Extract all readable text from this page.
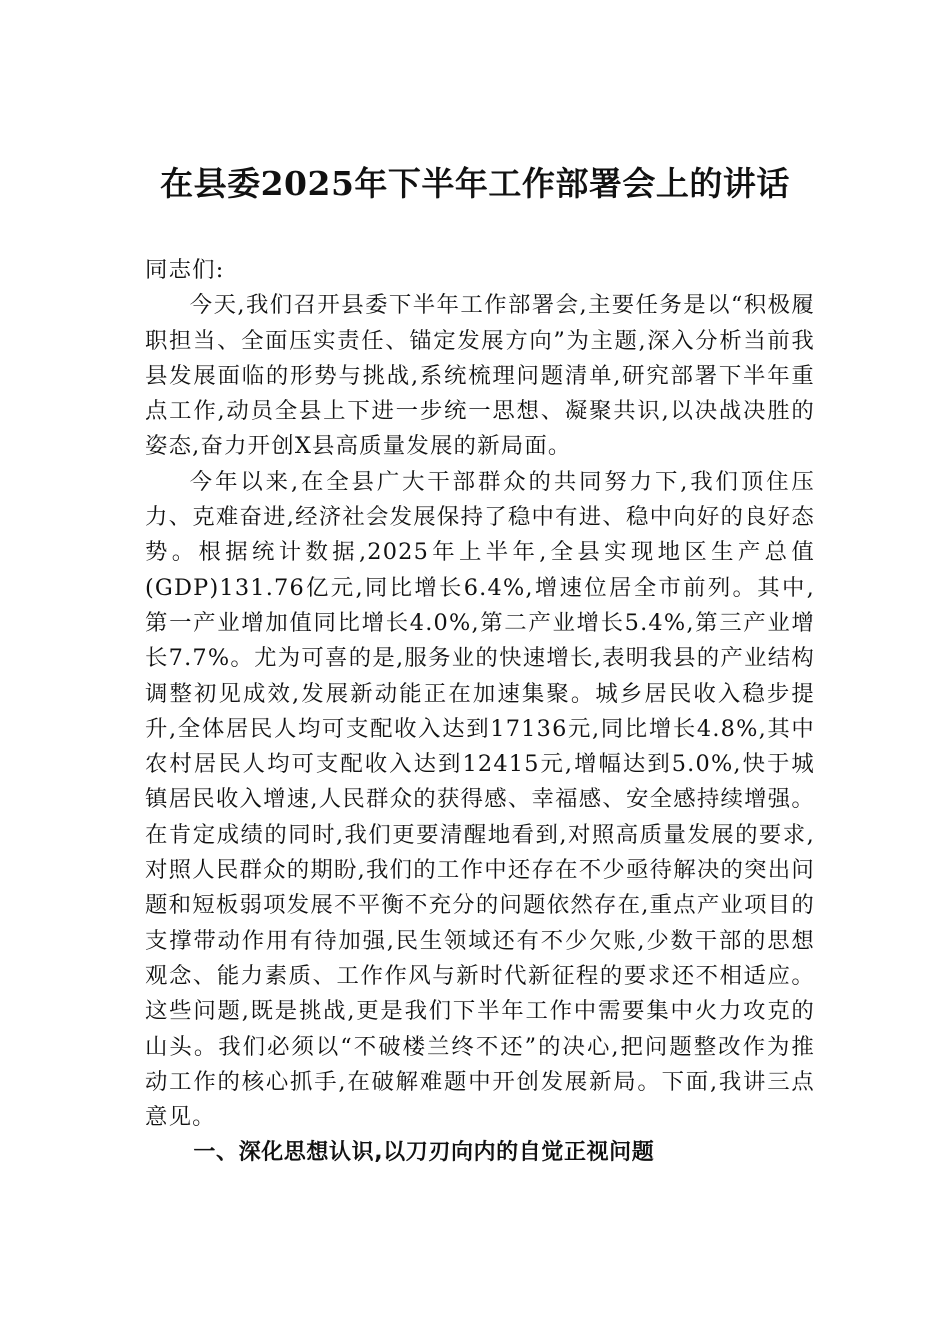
在县委2025年下半年工作部署会上的讲话

同志们:

今天,我们召开县委下半年工作部署会,主要任务是以“积极履职担当、全面压实责任、锚定发展方向”为主题,深入分析当前我县发展面临的形势与挑战,系统梳理问题清单,研究部署下半年重点工作,动员全县上下进一步统一思想、凝聚共识,以决战决胜的姿态,奋力开创X县高质量发展的新局面。

今年以来,在全县广大干部群众的共同努力下,我们顶住压力、克难奋进,经济社会发展保持了稳中有进、稳中向好的良好态势。根据统计数据,2025年上半年,全县实现地区生产总值(GDP)131.76亿元,同比增长6.4%,增速位居全市前列。其中,第一产业增加值同比增长4.0%,第二产业增长5.4%,第三产业增长7.7%。尤为可喜的是,服务业的快速增长,表明我县的产业结构调整初见成效,发展新动能正在加速集聚。城乡居民收入稳步提升,全体居民人均可支配收入达到17136元,同比增长4.8%,其中农村居民人均可支配收入达到12415元,增幅达到5.0%,快于城镇居民收入增速,人民群众的获得感、幸福感、安全感持续增强。在肯定成绩的同时,我们更要清醒地看到,对照高质量发展的要求,对照人民群众的期盼,我们的工作中还存在不少亟待解决的突出问题和短板弱项发展不平衡不充分的问题依然存在,重点产业项目的支撑带动作用有待加强,民生领域还有不少欠账,少数干部的思想观念、能力素质、工作作风与新时代新征程的要求还不相适应。这些问题,既是挑战,更是我们下半年工作中需要集中火力攻克的山头。我们必须以“不破楼兰终不还”的决心,把问题整改作为推动工作的核心抓手,在破解难题中开创发展新局。下面,我讲三点意见。

一、深化思想认识,以刀刃向内的自觉正视问题
